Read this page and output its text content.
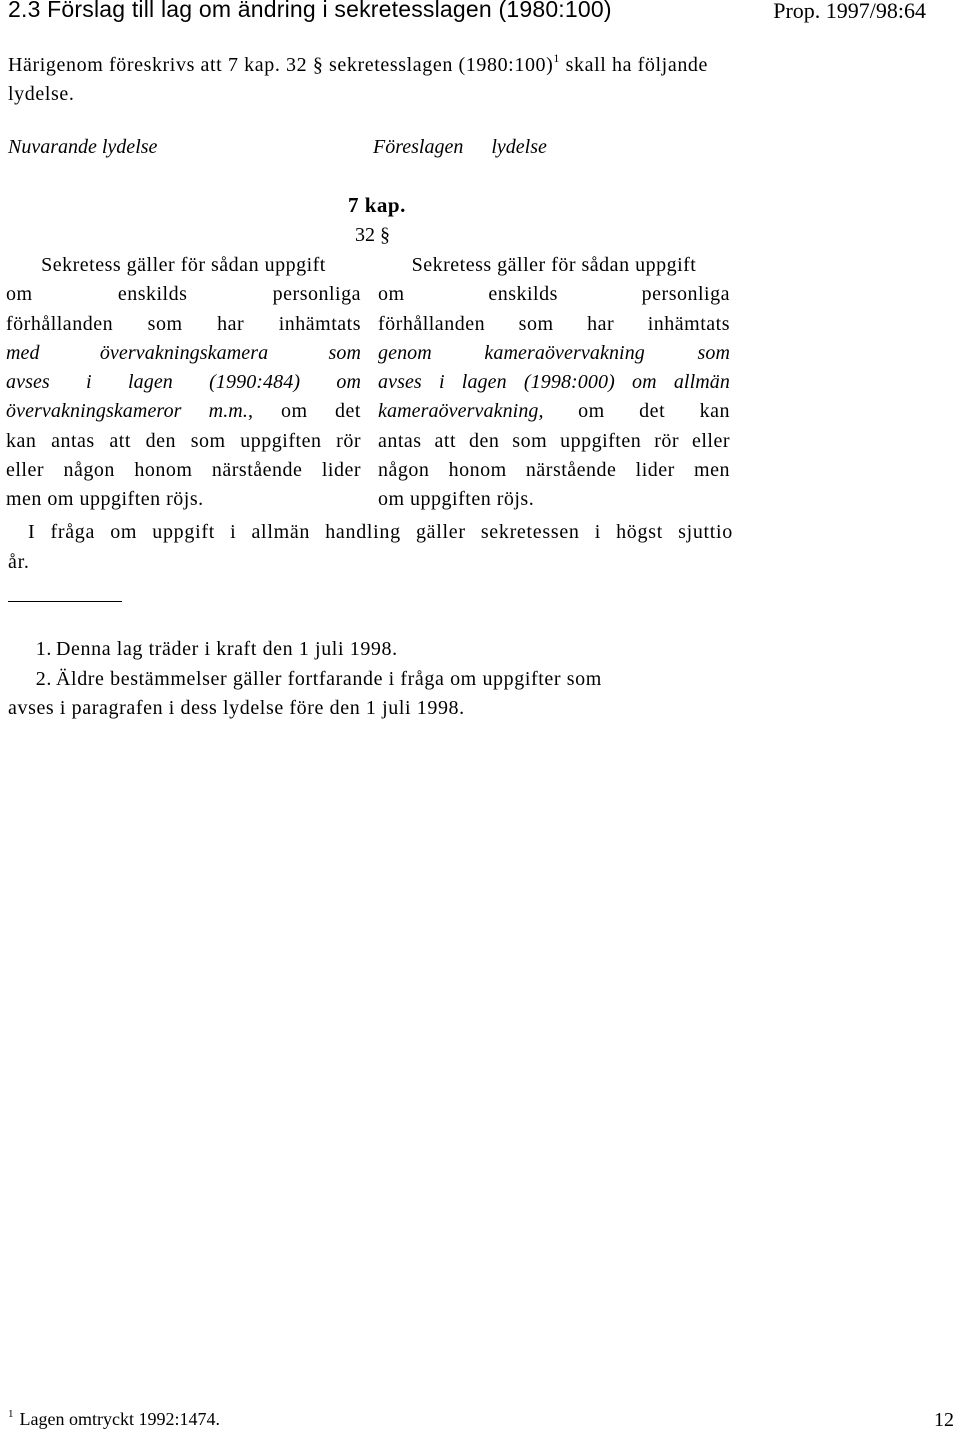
2.3 Förslag till lag om ändring i sekretesslagen (1980:100)	Prop. 1997/98:64
Härigenom föreskrivs att 7 kap. 32 § sekretesslagen (1980:100)$^1$ skall ha följande lydelse.
Nuvarande lydelse	Föreslagen lydelse
7 kap.
32 §
Sekretess gäller för sådan uppgift
om enskilds personliga
förhållanden som har inhämtats
med övervakningskamera som
avses i lagen (1990:484) om
övervakningskameror m.m., om det
kan antas att den som uppgiften rör
eller någon honom närstående lider
men om uppgiften röjs.
Sekretess gäller för sådan uppgift
om enskilds personliga
förhållanden som har inhämtats
genom kameraövervakning som
avses i lagen (1998:000) om allmän
kameraövervakning, om det kan
antas att den som uppgiften rör eller
någon honom närstående lider men
om uppgiften röjs.
I fråga om uppgift i allmän handling gäller sekretessen i högst sjuttio
år.
1. Denna lag träder i kraft den 1 juli 1998.
2. Äldre bestämmelser gäller fortfarande i fråga om uppgifter som
avses i paragrafen i dess lydelse före den 1 juli 1998.
$^1$ Lagen omtryckt 1992:1474.	12
